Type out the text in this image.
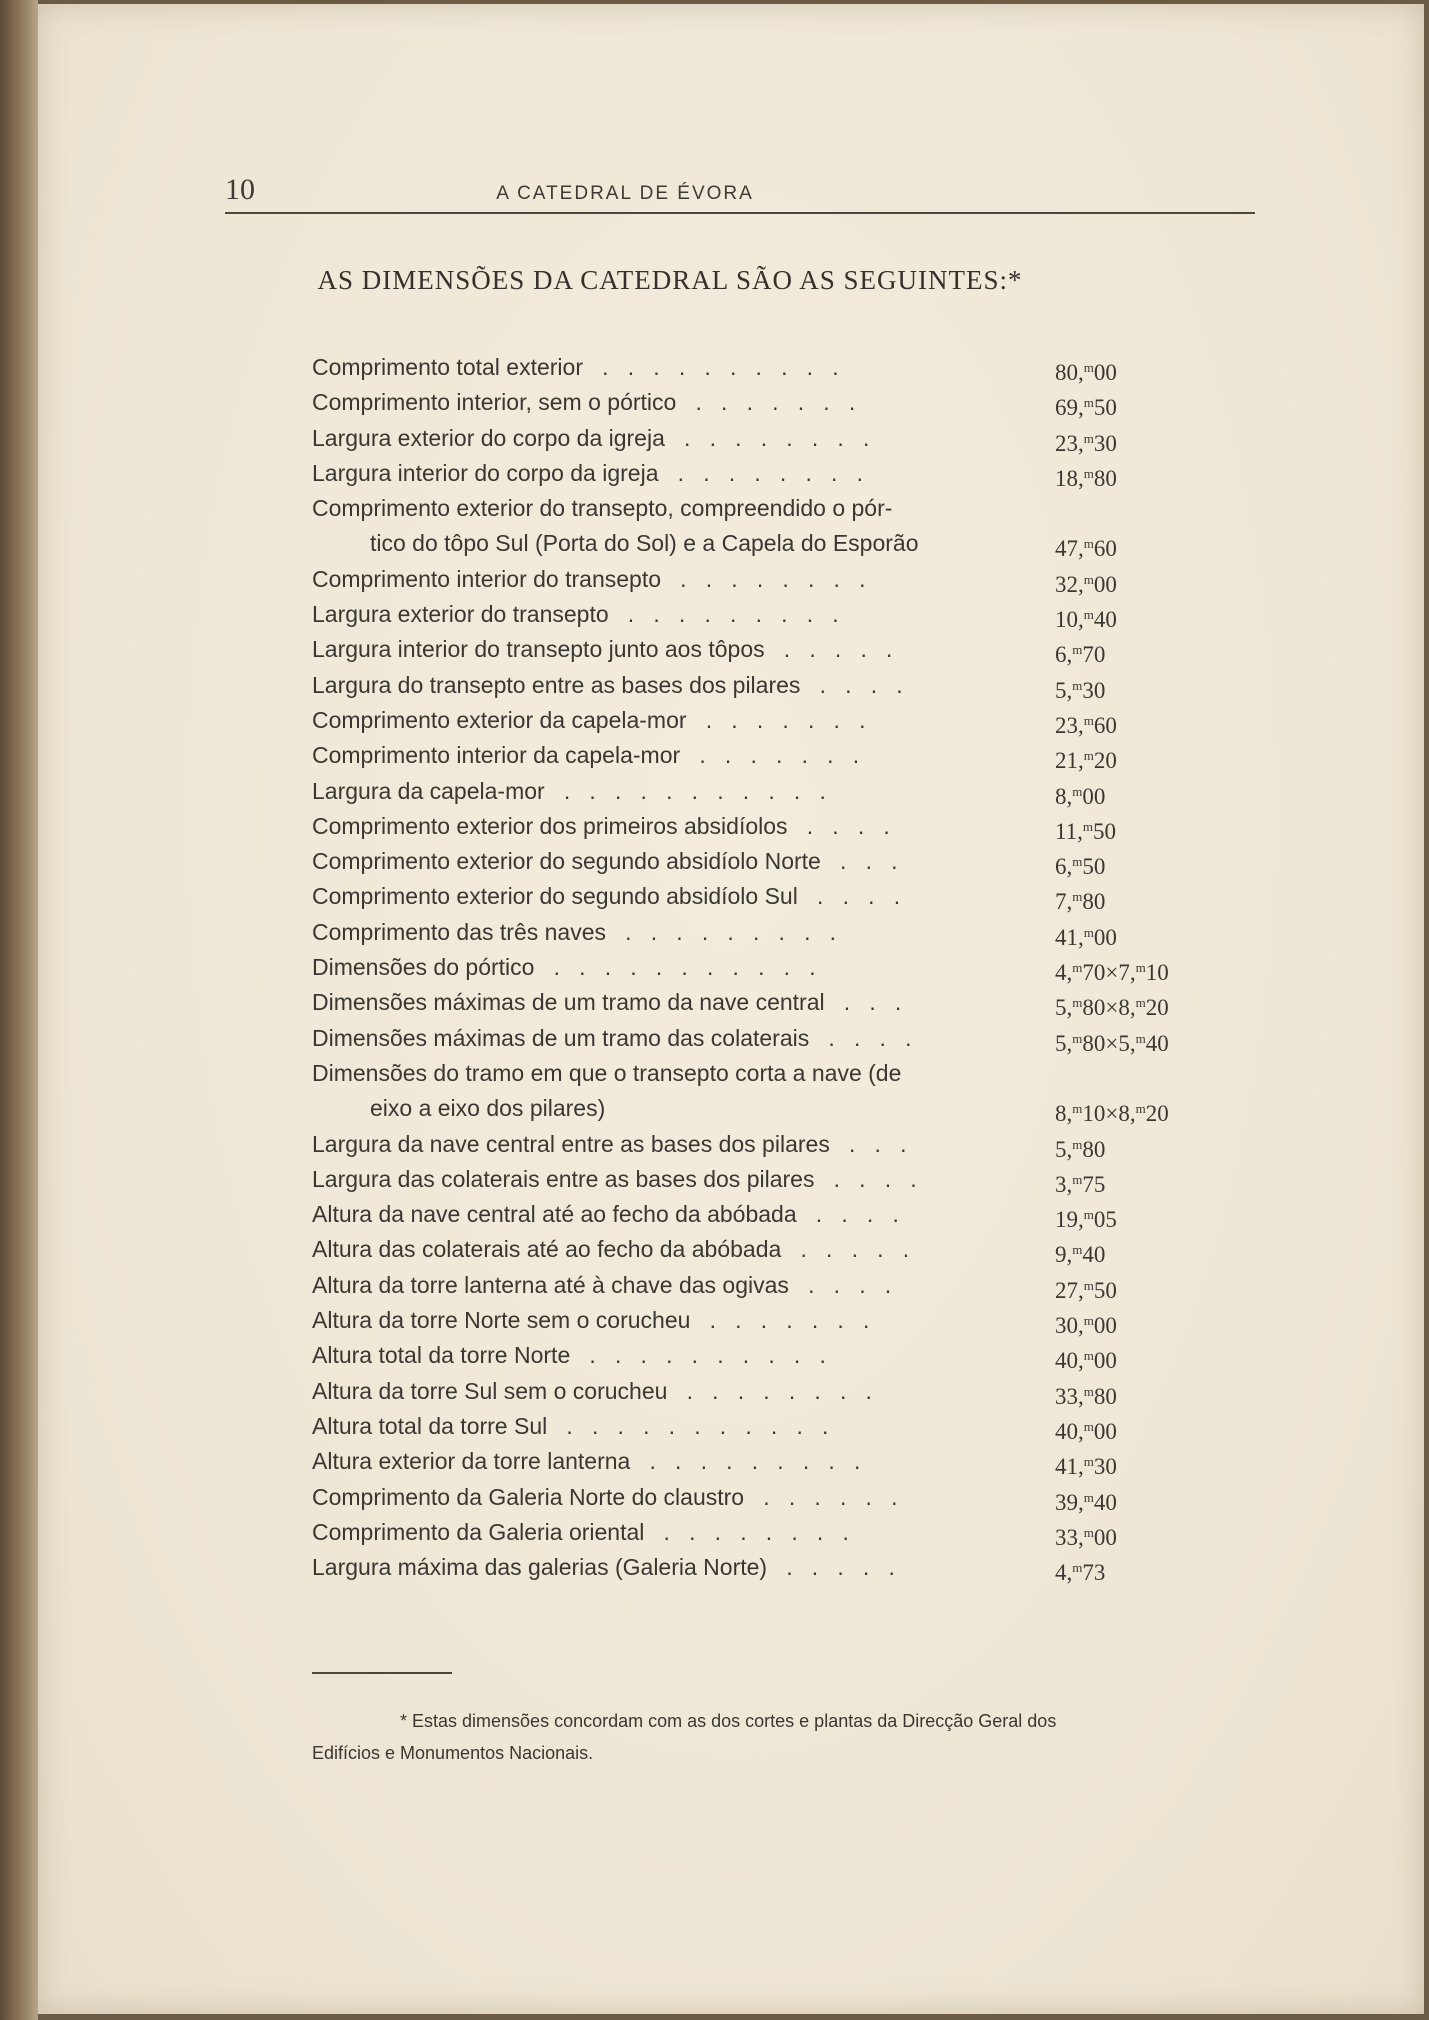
10	A CATEDRAL DE ÉVORA
AS DIMENSÕES DA CATEDRAL SÃO AS SEGUINTES:*
Comprimento total exterior   .   .   .   .   .   .   .   .   .   .	80,$^m$00
Comprimento interior, sem o pórtico   .   .   .   .   .   .   .	69,$^m$50
Largura exterior do corpo da igreja   .   .   .   .   .   .   .   .	23,$^m$30
Largura interior do corpo da igreja   .   .   .   .   .   .   .   .	18,$^m$80
Comprimento exterior do transepto, compreendido o pór-
tico do tôpo Sul (Porta do Sol) e a Capela do Esporão	47,$^m$60
Comprimento interior do transepto   .   .   .   .   .   .   .   .	32,$^m$00
Largura exterior do transepto   .   .   .   .   .   .   .   .   .	10,$^m$40
Largura interior do transepto junto aos tôpos   .   .   .   .   .	6,$^m$70
Largura do transepto entre as bases dos pilares   .   .   .   .	5,$^m$30
Comprimento exterior da capela-mor   .   .   .   .   .   .   .	23,$^m$60
Comprimento interior da capela-mor   .   .   .   .   .   .   .	21,$^m$20
Largura da capela-mor   .   .   .   .   .   .   .   .   .   .   .	8,$^m$00
Comprimento exterior dos primeiros absidíolos   .   .   .   .	11,$^m$50
Comprimento exterior do segundo absidíolo Norte   .   .   .	6,$^m$50
Comprimento exterior do segundo absidíolo Sul   .   .   .   .	7,$^m$80
Comprimento das três naves   .   .   .   .   .   .   .   .   .	41,$^m$00
Dimensões do pórtico   .   .   .   .   .   .   .   .   .   .   .	4,$^m$70×7,$^m$10
Dimensões máximas de um tramo da nave central   .   .   .	5,$^m$80×8,$^m$20
Dimensões máximas de um tramo das colaterais   .   .   .   .	5,$^m$80×5,$^m$40
Dimensões do tramo em que o transepto corta a nave (de
eixo a eixo dos pilares)	8,$^m$10×8,$^m$20
Largura da nave central entre as bases dos pilares   .   .   .	5,$^m$80
Largura das colaterais entre as bases dos pilares   .   .   .   .	3,$^m$75
Altura da nave central até ao fecho da abóbada   .   .   .   .	19,$^m$05
Altura das colaterais até ao fecho da abóbada   .   .   .   .   .	9,$^m$40
Altura da torre lanterna até à chave das ogivas   .   .   .   .	27,$^m$50
Altura da torre Norte sem o corucheu   .   .   .   .   .   .   .	30,$^m$00
Altura total da torre Norte   .   .   .   .   .   .   .   .   .   .	40,$^m$00
Altura da torre Sul sem o corucheu   .   .   .   .   .   .   .   .	33,$^m$80
Altura total da torre Sul   .   .   .   .   .   .   .   .   .   .   .	40,$^m$00
Altura exterior da torre lanterna   .   .   .   .   .   .   .   .   .	41,$^m$30
Comprimento da Galeria Norte do claustro   .   .   .   .   .   .	39,$^m$40
Comprimento da Galeria oriental   .   .   .   .   .   .   .   .	33,$^m$00
Largura máxima das galerias (Galeria Norte)   .   .   .   .   .	4,$^m$73
* Estas dimensões concordam com as dos cortes e plantas da Direcção Geral dos
Edifícios e Monumentos Nacionais.
